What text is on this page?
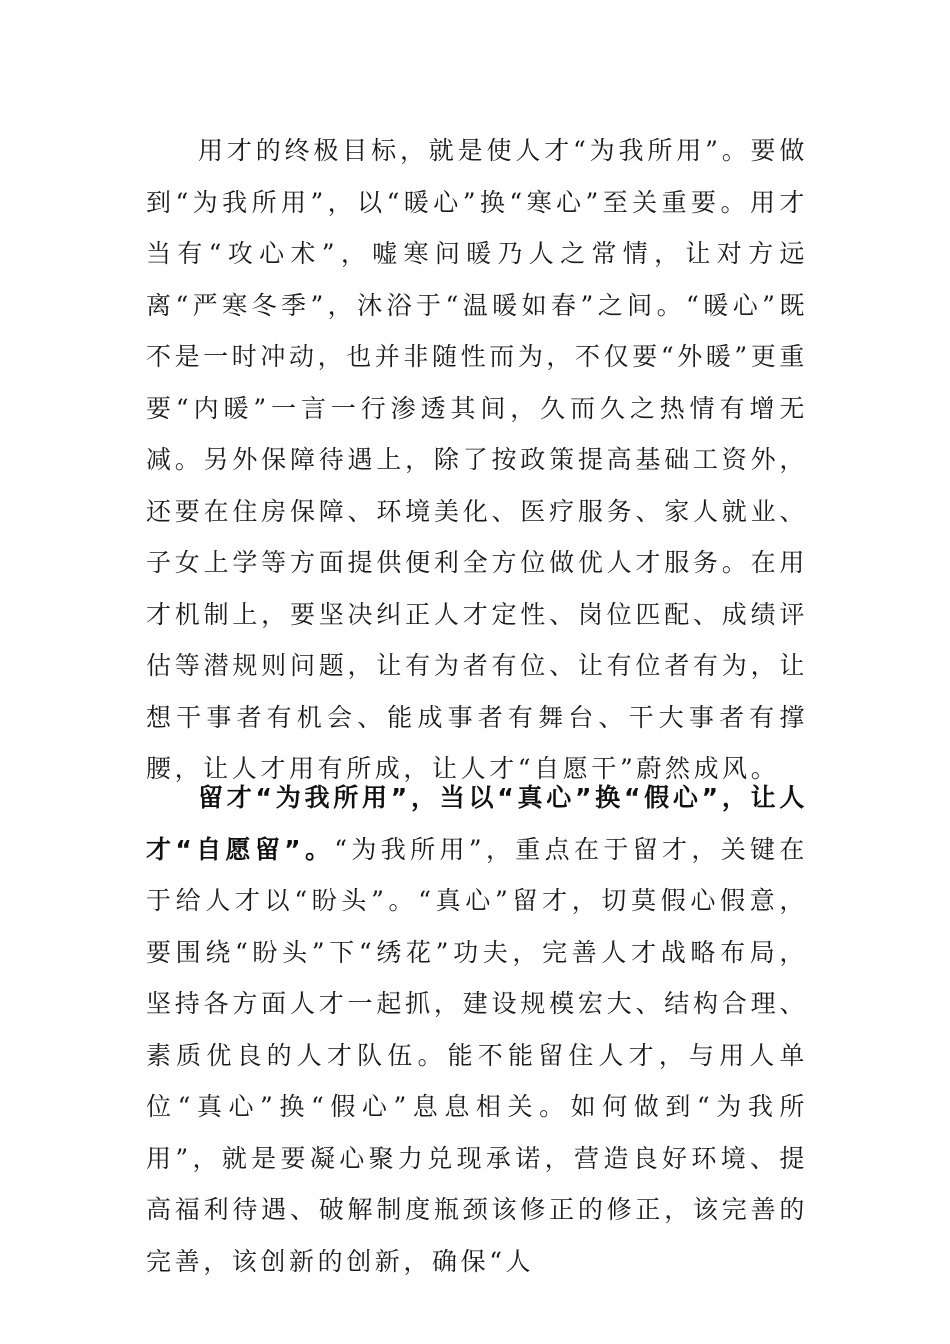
用才的终极目标，就是使人才“为我所用”。要做到“为我所用”，以“暖心”换“寒心”至关重要。用才当有“攻心术”，嘘寒问暖乃人之常情，让对方远离“严寒冬季”，沐浴于“温暖如春”之间。“暖心”既不是一时冲动，也并非随性而为，不仅要“外暖”更重要“内暖”一言一行渗透其间，久而久之热情有增无减。另外保障待遇上，除了按政策提高基础工资外，还要在住房保障、环境美化、医疗服务、家人就业、子女上学等方面提供便利全方位做优人才服务。在用才机制上，要坚决纠正人才定性、岗位匹配、成绩评估等潜规则问题，让有为者有位、让有位者有为，让想干事者有机会、能成事者有舞台、干大事者有撑腰，让人才用有所成，让人才“自愿干”蔚然成风。

留才“为我所用”，当以“真心”换“假心”，让人才“自愿留”。“为我所用”，重点在于留才，关键在于给人才以“盼头”。“真心”留才，切莫假心假意，要围绕“盼头”下“绣花”功夫，完善人才战略布局，坚持各方面人才一起抓，建设规模宏大、结构合理、素质优良的人才队伍。能不能留住人才，与用人单位“真心”换“假心”息息相关。如何做到“为我所用”，就是要凝心聚力兑现承诺，营造良好环境、提高福利待遇、破解制度瓶颈该修正的修正，该完善的完善，该创新的创新，确保“人
